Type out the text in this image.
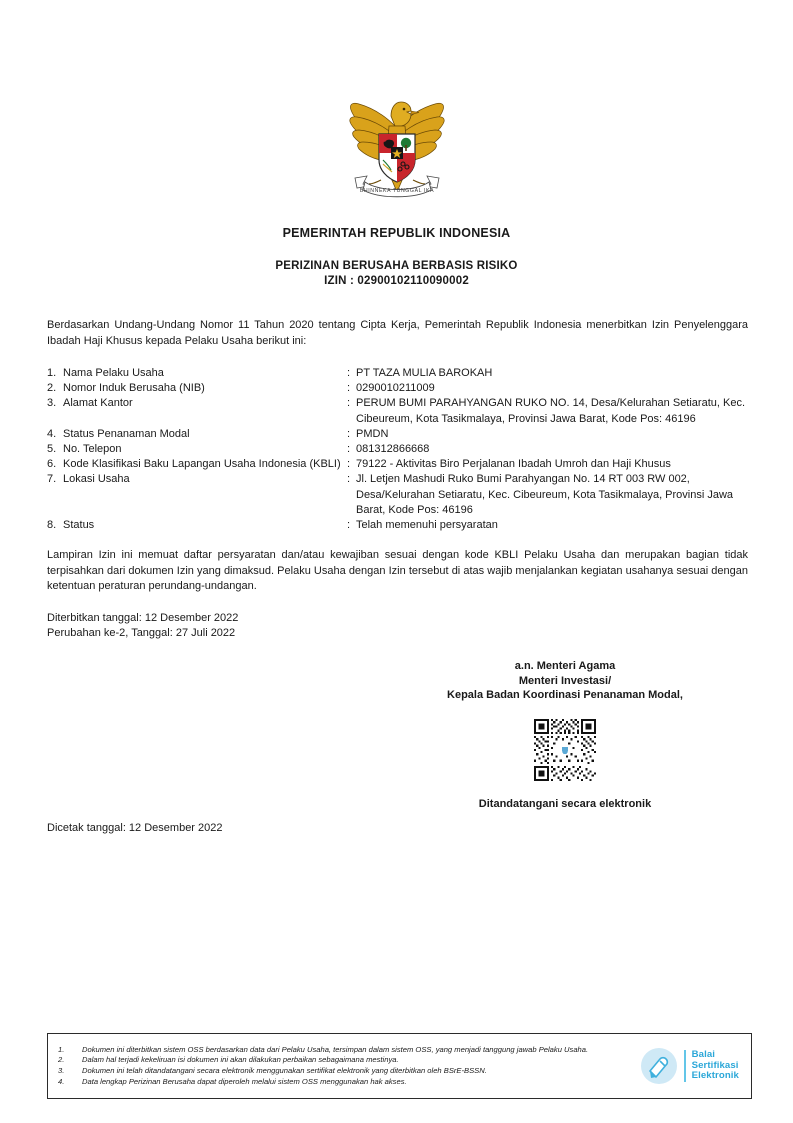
BHINNEKA TUNGGAL IKA
PEMERINTAH REPUBLIK INDONESIA
PERIZINAN BERUSAHA BERBASIS RISIKO
IZIN : 02900102110090002
Berdasarkan Undang-Undang Nomor 11 Tahun 2020 tentang Cipta Kerja, Pemerintah Republik Indonesia menerbitkan Izin Penyelenggara Ibadah Haji Khusus kepada Pelaku Usaha berikut ini:
1.	Nama Pelaku Usaha	:	PT TAZA MULIA BAROKAH
2.	Nomor Induk Berusaha (NIB)	:	0290010211009
3.	Alamat Kantor	:	PERUM BUMI PARAHYANGAN RUKO NO. 14, Desa/Kelurahan Setiaratu, Kec. Cibeureum, Kota Tasikmalaya, Provinsi Jawa Barat, Kode Pos: 46196
4.	Status Penanaman Modal	:	PMDN
5.	No. Telepon	:	081312866668
6.	Kode Klasifikasi Baku Lapangan Usaha Indonesia (KBLI)	:	79122 - Aktivitas Biro Perjalanan Ibadah Umroh dan Haji Khusus
7.	Lokasi Usaha	:	Jl. Letjen Mashudi Ruko Bumi Parahyangan No. 14 RT 003 RW 002, Desa/Kelurahan Setiaratu, Kec. Cibeureum, Kota Tasikmalaya, Provinsi Jawa Barat, Kode Pos: 46196
8.	Status	:	Telah memenuhi persyaratan
Lampiran Izin ini memuat daftar persyaratan dan/atau kewajiban sesuai dengan kode KBLI Pelaku Usaha dan merupakan bagian tidak terpisahkan dari dokumen Izin yang dimaksud. Pelaku Usaha dengan Izin tersebut di atas wajib menjalankan kegiatan usahanya sesuai dengan ketentuan peraturan perundang-undangan.
Diterbitkan tanggal: 12 Desember 2022
Perubahan ke-2, Tanggal: 27 Juli 2022
a.n. Menteri Agama
Menteri Investasi/
Kepala Badan Koordinasi Penanaman Modal,
Ditandatangani secara elektronik
Dicetak tanggal: 12 Desember 2022
1.	Dokumen ini diterbitkan sistem OSS berdasarkan data dari Pelaku Usaha, tersimpan dalam sistem OSS, yang menjadi tanggung jawab Pelaku Usaha.
2.	Dalam hal terjadi kekeliruan isi dokumen ini akan dilakukan perbaikan sebagaimana mestinya.
3.	Dokumen ini telah ditandatangani secara elektronik menggunakan sertifikat elektronik yang diterbitkan oleh BSrE-BSSN.
4.	Data lengkap Perizinan Berusaha dapat diperoleh melalui sistem OSS menggunakan hak akses.
Balai
Sertifikasi
Elektronik
